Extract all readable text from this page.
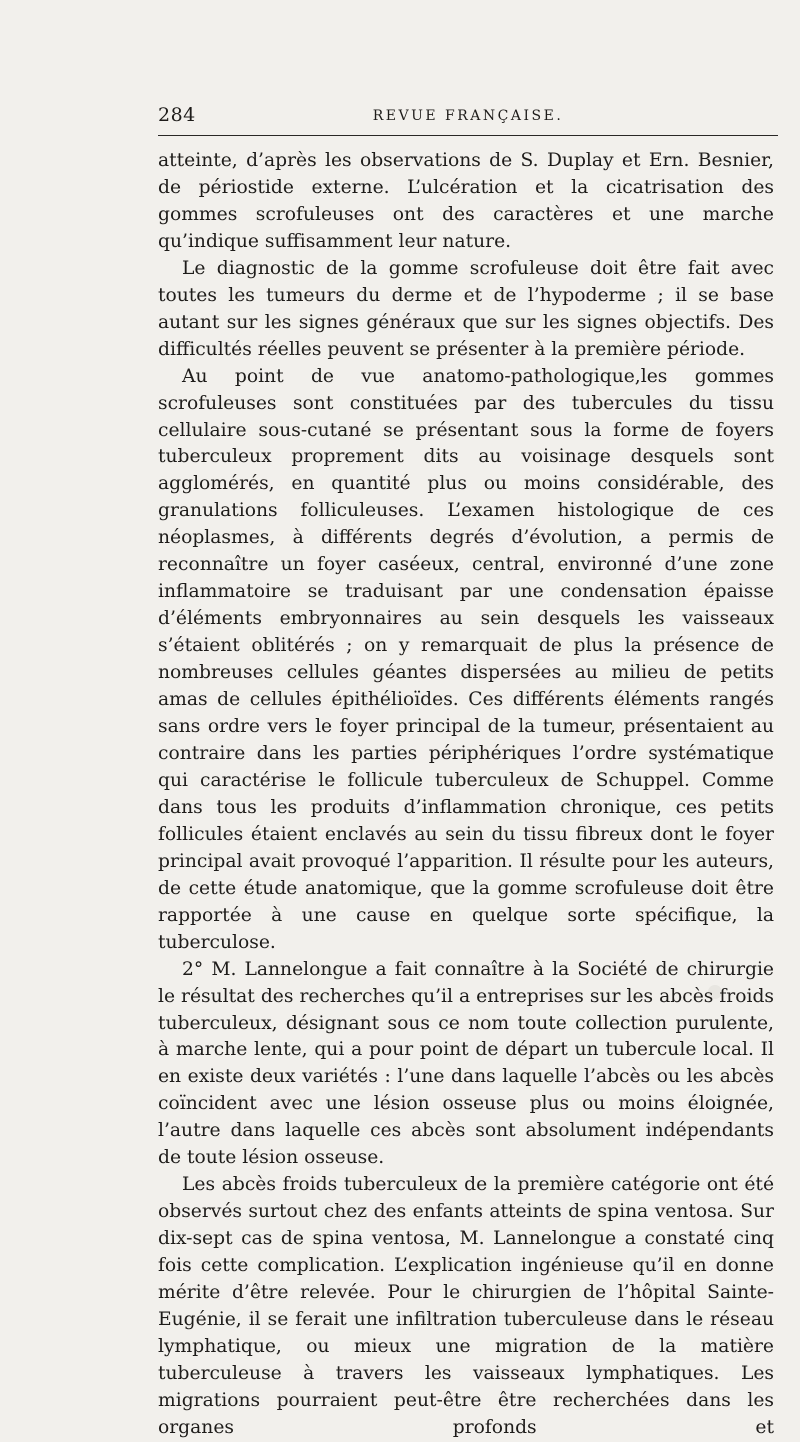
284	REVUE FRANÇAISE.

atteinte, d’après les observations de S. Duplay et Ern. Besnier, de périostide externe. L’ulcération et la cicatrisation des gommes scrofuleuses ont des caractères et une marche qu’indique suffisamment leur nature.

Le diagnostic de la gomme scrofuleuse doit être fait avec toutes les tumeurs du derme et de l’hypoderme ; il se base autant sur les signes généraux que sur les signes objectifs. Des difficultés réelles peuvent se présenter à la première période.

Au point de vue anatomo-pathologique,les gommes scrofuleuses sont constituées par des tubercules du tissu cellulaire sous-cutané se présentant sous la forme de foyers tuberculeux proprement dits au voisinage desquels sont agglomérés, en quantité plus ou moins considérable, des granulations folliculeuses. L’examen histologique de ces néoplasmes, à différents degrés d’évolution, a permis de reconnaître un foyer caséeux, central, environné d’une zone inflammatoire se traduisant par une condensation épaisse d’éléments embryonnaires au sein desquels les vaisseaux s’étaient oblitérés ; on y remarquait de plus la présence de nombreuses cellules géantes dispersées au milieu de petits amas de cellules épithélioïdes. Ces différents éléments rangés sans ordre vers le foyer principal de la tumeur, présentaient au contraire dans les parties périphériques l’ordre systématique qui caractérise le follicule tuberculeux de Schuppel. Comme dans tous les produits d’inflammation chronique, ces petits follicules étaient enclavés au sein du tissu fibreux dont le foyer principal avait provoqué l’apparition. Il résulte pour les auteurs, de cette étude anatomique, que la gomme scrofuleuse doit être rapportée à une cause en quelque sorte spécifique, la tuberculose.

2° M. Lannelongue a fait connaître à la Société de chirurgie le résultat des recherches qu’il a entreprises sur les abcès froids tuberculeux, désignant sous ce nom toute collection purulente, à marche lente, qui a pour point de départ un tubercule local. Il en existe deux variétés : l’une dans laquelle l’abcès ou les abcès coïncident avec une lésion osseuse plus ou moins éloignée, l’autre dans laquelle ces abcès sont absolument indépendants de toute lésion osseuse.

Les abcès froids tuberculeux de la première catégorie ont été observés surtout chez des enfants atteints de spina ventosa. Sur dix-sept cas de spina ventosa, M. Lannelongue a constaté cinq fois cette complication. L’explication ingénieuse qu’il en donne mérite d’être relevée. Pour le chirurgien de l’hôpital Sainte-Eugénie, il se ferait une infiltration tuberculeuse dans le réseau lymphatique, ou mieux une migration de la matière tuberculeuse à travers les vaisseaux lymphatiques. Les migrations pourraient peut-être être recherchées dans les organes profonds et
